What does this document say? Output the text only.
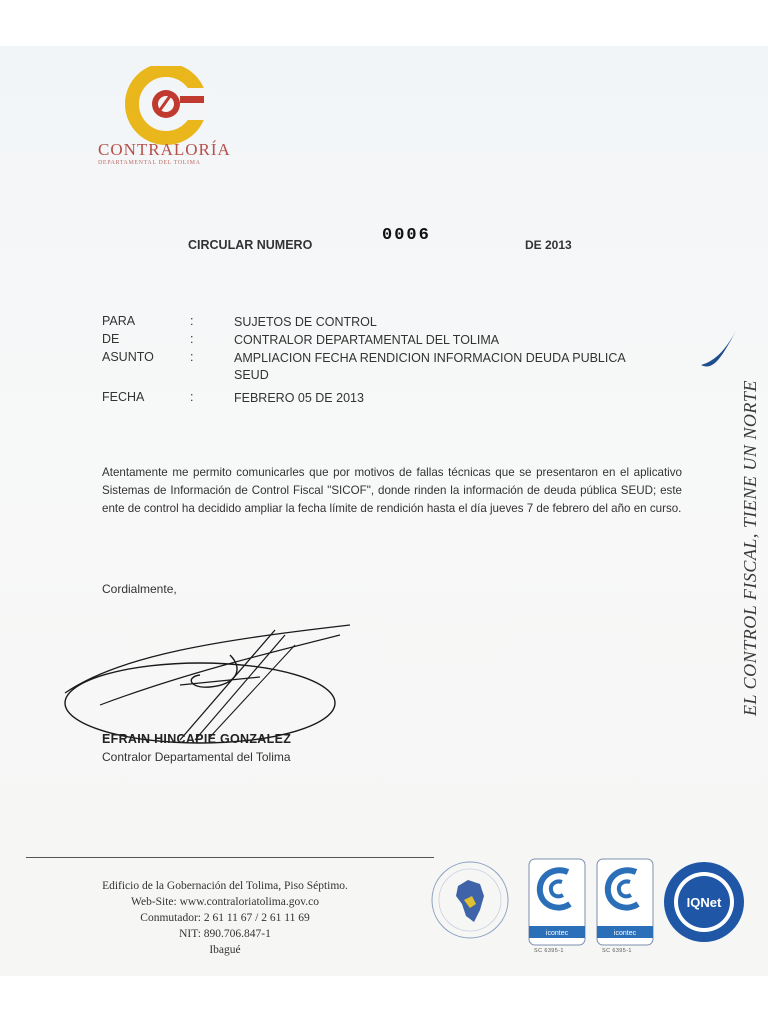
CONTRALORÍA
DEPARTAMENTAL DEL TOLIMA
CIRCULAR NUMERO	0006	DE 2013
PARA	:	SUJETOS DE CONTROL
DE	:	CONTRALOR DEPARTAMENTAL DEL TOLIMA
ASUNTO	:	AMPLIACION FECHA RENDICION INFORMACION DEUDA PUBLICA SEUD
FECHA	:	FEBRERO 05 DE 2013
Atentamente me permito comunicarles que por motivos de fallas técnicas que se presentaron en el aplicativo Sistemas de Información de Control Fiscal "SICOF", donde rinden la información de deuda pública SEUD; este ente de control ha decidido ampliar la fecha límite de rendición hasta el día jueves 7 de febrero del año en curso.
Cordialmente,
EFRAIN HINCAPIE GONZALEZ
Contralor Departamental del Tolima
EL CONTROL FISCAL, TIENE UN NORTE
Edificio de la Gobernación del Tolima, Piso Séptimo.
Web-Site: www.contraloriatolima.gov.co
Conmutador: 2 61 11 67 / 2 61 11 69
NIT: 890.706.847-1
Ibagué
icontec	icontec
IQNet
SC 6395-1	SC 6395-1
